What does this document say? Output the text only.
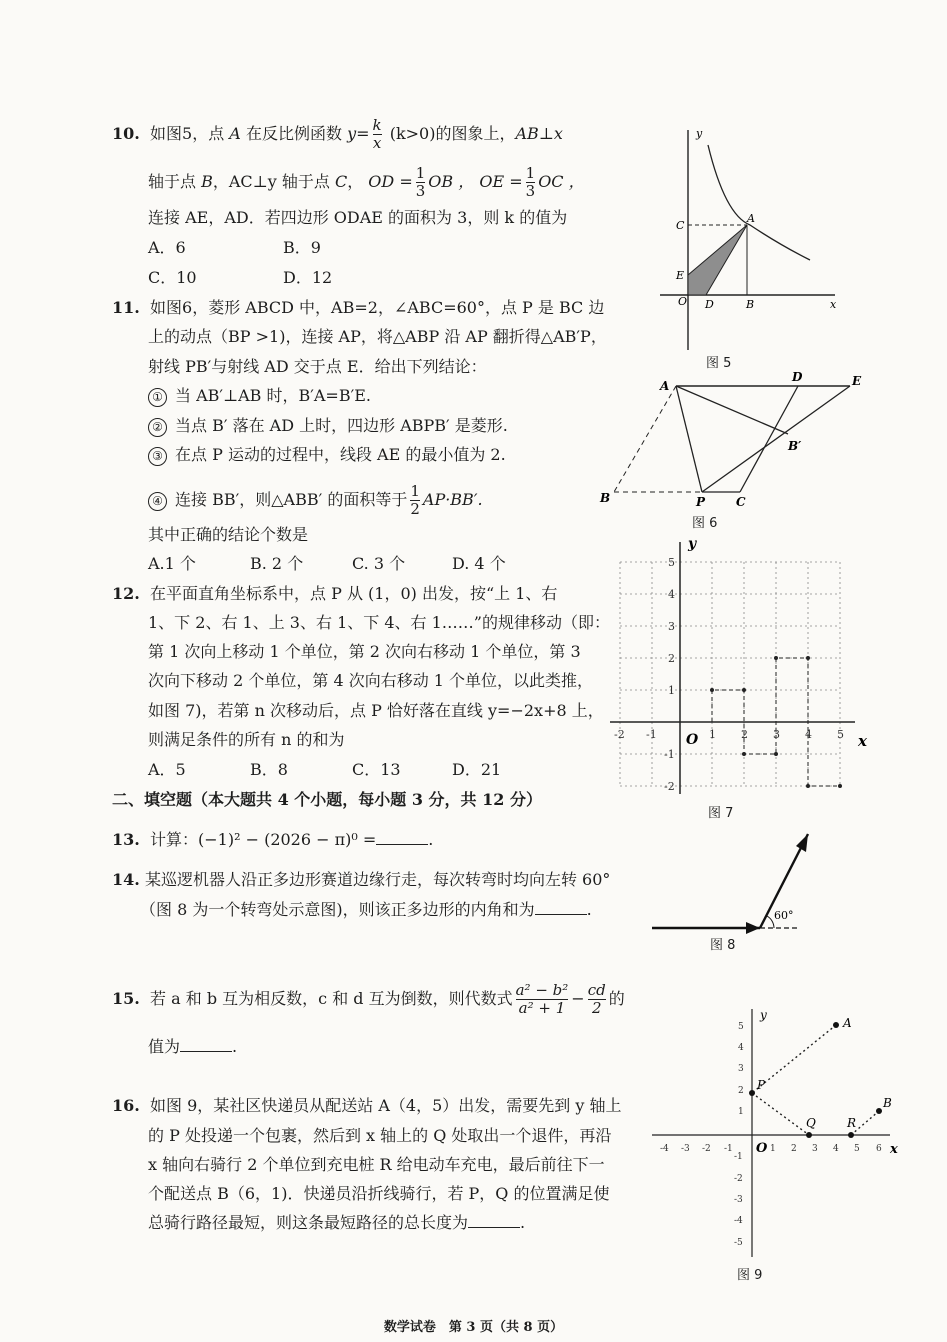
10. 如图5，点 A 在反比例函数 $y= \frac{k}{x} (k>0)$的图象上，AB⊥x
轴于点 B，AC⊥y 轴于点 C， OD = $\frac{1}{3}$ OB ， OE = $\frac{1}{3}$ OC ，
连接 AE，AD．若四边形 ODAE 的面积为 3，则 k 的值为
A．6	B．9
C．10	D．12
11. 如图6，菱形 ABCD 中，AB=2，∠ABC=60°，点 P 是 BC 边
上的动点（BP >1)，连接 AP，将△ABP 沿 AP 翻折得△AB′P，
射线 PB′与射线 AD 交于点 E．给出下列结论：
① 当 AB′⊥AB 时，B′A=B′E.
② 当点 B′ 落在 AD 上时，四边形 ABPB′ 是菱形.
③ 在点 P 运动的过程中，线段 AE 的最小值为 2.
④ 连接 BB′，则△ABB′ 的面积等于 $\frac{1}{2} AP\cdot BB'$.
其中正确的结论个数是
A.1 个	B. 2 个	C. 3 个	D. 4 个
12. 在平面直角坐标系中，点 P 从 (1，0) 出发，按“上 1、右
1、下 2、右 1、上 3、右 1、下 4、右 1……”的规律移动（即：
第 1 次向上移动 1 个单位，第 2 次向右移动 1 个单位，第 3
次向下移动 2 个单位，第 4 次向右移动 1 个单位，以此类推，
如图 7)，若第 n 次移动后，点 P 恰好落在直线 y=−2x+8 上，
则满足条件的所有 n 的和为
A．5	B．8	C．13	D．21
二、填空题（本大题共 4 个小题，每小题 3 分，共 12 分）
13. 计算：(−1)² − (2026 − π)⁰ =	.
14. 某巡逻机器人沿正多边形赛道边缘行走，每次转弯时均向左转 60°
（图 8 为一个转弯处示意图)，则该正多边形的内角和为	.
15. 若 a 和 b 互为相反数，c 和 d 互为倒数，则代数式 $\frac{\text{a² − b²}}{\text{a² + 1}} - \frac{cd}{2}$ 的
值为	.
16. 如图 9，某社区快递员从配送站 A（4，5）出发，需要先到 y 轴上
的 P 处投递一个包裹，然后到 x 轴上的 Q 处取出一个退件，再沿
x 轴向右骑行 2 个单位到充电桩 R 给电动车充电，最后前往下一
个配送点 B（6，1)．快递员沿折线骑行，若 P，Q 的位置满足使
总骑行路径最短，则这条最短路径的总长度为	.
y
x
C
A
E
O D	B
图 5
A
D	E
B′
B	P	C
图 6
y
x
O
-2 -1	1 2 3 4 5
5
4
3
2
1
-1
-2
图 7
60°
图 8
y
x
O
A
P
Q	R
B
-4 -3 -2 -1	1 2 3 4 5 6
5
4
3
2
1
-1
-2
-3
-4
-5
图 9
数学试卷　第 3 页（共 8 页）
